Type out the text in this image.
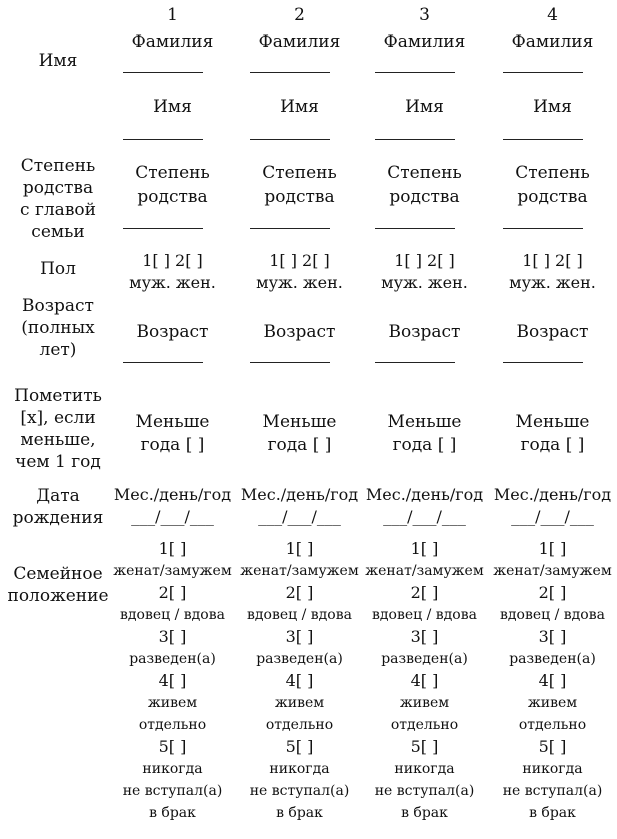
Имя
Степень
родства
с главой
семьи
Пол
Возраст
(полных
лет)
Пометить
[x], если
меньше,
чем 1 год
Дата
рождения
Семейное
положение
1
Фамилия
Имя
Степень
родства
1[ ] 2[ ]
муж. жен.
Возраст
Меньше
года [ ]
Мес./день/год
___/___/___
1[ ]
женат/замужем
2[ ]
вдовец / вдова
3[ ]
разведен(а)
4[ ]
живем
отдельно
5[ ]
никогда
не вступал(а)
в брак
2
Фамилия
Имя
Степень
родства
1[ ] 2[ ]
муж. жен.
Возраст
Меньше
года [ ]
Мес./день/год
___/___/___
1[ ]
женат/замужем
2[ ]
вдовец / вдова
3[ ]
разведен(а)
4[ ]
живем
отдельно
5[ ]
никогда
не вступал(а)
в брак
3
Фамилия
Имя
Степень
родства
1[ ] 2[ ]
муж. жен.
Возраст
Меньше
года [ ]
Мес./день/год
___/___/___
1[ ]
женат/замужем
2[ ]
вдовец / вдова
3[ ]
разведен(а)
4[ ]
живем
отдельно
5[ ]
никогда
не вступал(а)
в брак
4
Фамилия
Имя
Степень
родства
1[ ] 2[ ]
муж. жен.
Возраст
Меньше
года [ ]
Мес./день/год
___/___/___
1[ ]
женат/замужем
2[ ]
вдовец / вдова
3[ ]
разведен(а)
4[ ]
живем
отдельно
5[ ]
никогда
не вступал(а)
в брак
